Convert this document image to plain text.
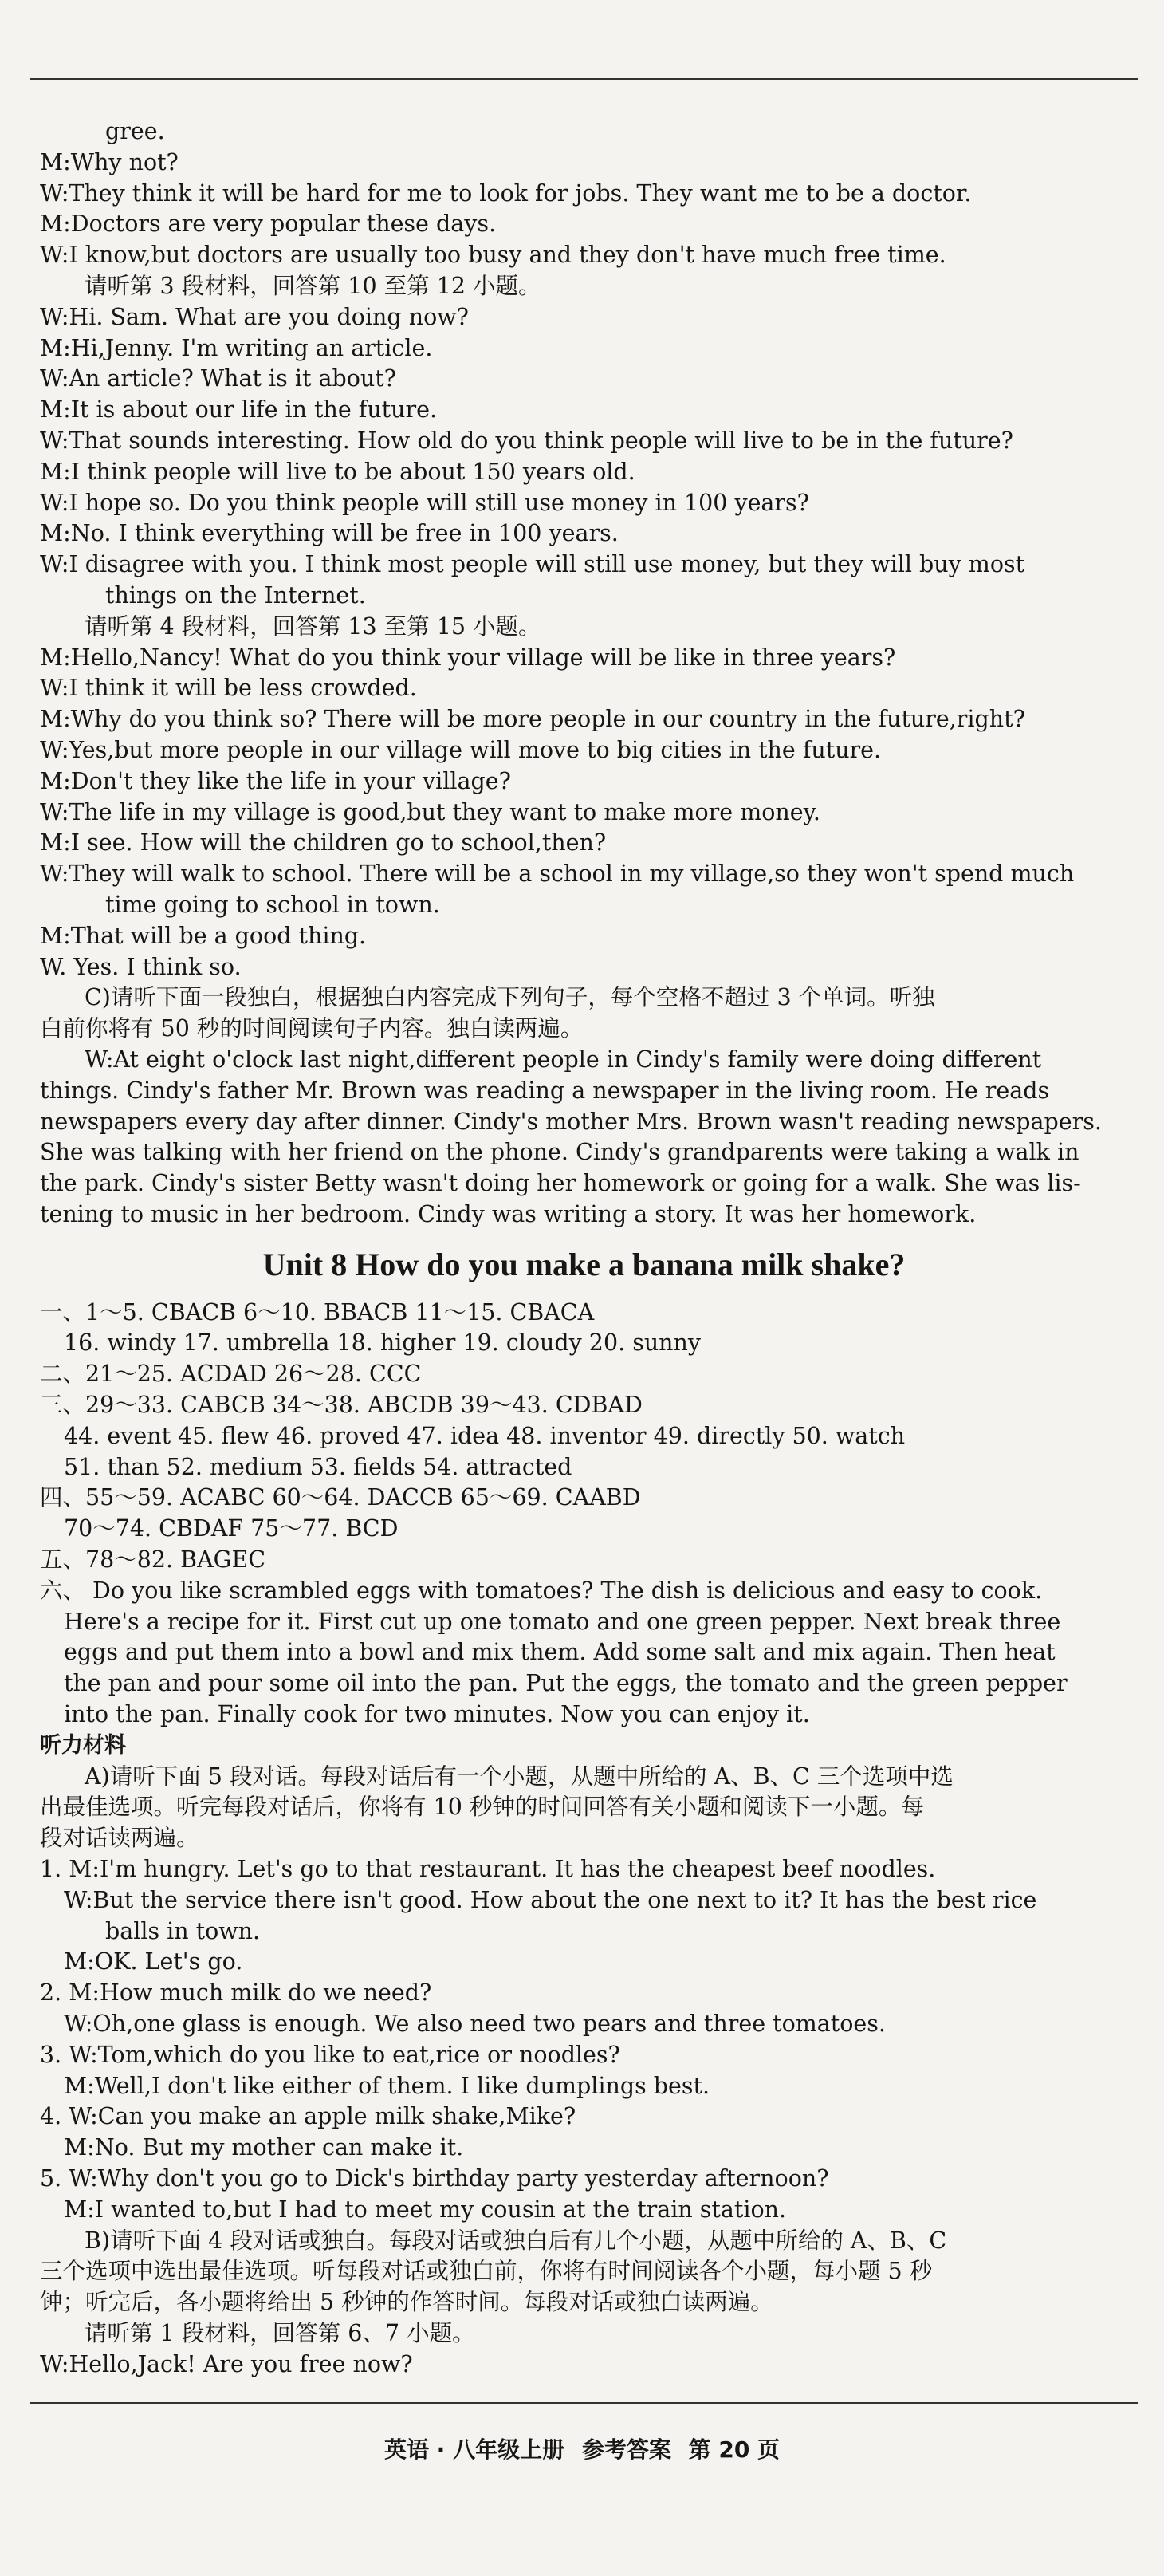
gree.
M:Why not?
W:They think it will be hard for me to look for jobs. They want me to be a doctor.
M:Doctors are very popular these days.
W:I know,but doctors are usually too busy and they don't have much free time.
请听第 3 段材料，回答第 10 至第 12 小题。
W:Hi. Sam. What are you doing now?
M:Hi,Jenny. I'm writing an article.
W:An article? What is it about?
M:It is about our life in the future.
W:That sounds interesting. How old do you think people will live to be in the future?
M:I think people will live to be about 150 years old.
W:I hope so. Do you think people will still use money in 100 years?
M:No. I think everything will be free in 100 years.
W:I disagree with you. I think most people will still use money, but they will buy most
things on the Internet.
请听第 4 段材料，回答第 13 至第 15 小题。
M:Hello,Nancy! What do you think your village will be like in three years?
W:I think it will be less crowded.
M:Why do you think so? There will be more people in our country in the future,right?
W:Yes,but more people in our village will move to big cities in the future.
M:Don't they like the life in your village?
W:The life in my village is good,but they want to make more money.
M:I see. How will the children go to school,then?
W:They will walk to school. There will be a school in my village,so they won't spend much
time going to school in town.
M:That will be a good thing.
W. Yes. I think so.
C)请听下面一段独白，根据独白内容完成下列句子，每个空格不超过 3 个单词。听独
白前你将有 50 秒的时间阅读句子内容。独白读两遍。
W:At eight o'clock last night,different people in Cindy's family were doing different
things. Cindy's father Mr. Brown was reading a newspaper in the living room. He reads
newspapers every day after dinner. Cindy's mother Mrs. Brown wasn't reading newspapers.
She was talking with her friend on the phone. Cindy's grandparents were taking a walk in
the park. Cindy's sister Betty wasn't doing her homework or going for a walk. She was lis-
tening to music in her bedroom. Cindy was writing a story. It was her homework.
Unit 8 How do you make a banana milk shake?
一、1～5. CBACB 6～10. BBACB 11～15. CBACA
16. windy 17. umbrella 18. higher 19. cloudy 20. sunny
二、21～25. ACDAD 26～28. CCC
三、29～33. CABCB 34～38. ABCDB 39～43. CDBAD
44. event 45. flew 46. proved 47. idea 48. inventor 49. directly 50. watch
51. than 52. medium 53. fields 54. attracted
四、55～59. ACABC 60～64. DACCB 65～69. CAABD
70～74. CBDAF 75～77. BCD
五、78～82. BAGEC
六、 Do you like scrambled eggs with tomatoes? The dish is delicious and easy to cook.
Here's a recipe for it. First cut up one tomato and one green pepper. Next break three
eggs and put them into a bowl and mix them. Add some salt and mix again. Then heat
the pan and pour some oil into the pan. Put the eggs, the tomato and the green pepper
into the pan. Finally cook for two minutes. Now you can enjoy it.
听力材料
A)请听下面 5 段对话。每段对话后有一个小题，从题中所给的 A、B、C 三个选项中选
出最佳选项。听完每段对话后，你将有 10 秒钟的时间回答有关小题和阅读下一小题。每
段对话读两遍。
1. M:I'm hungry. Let's go to that restaurant. It has the cheapest beef noodles.
W:But the service there isn't good. How about the one next to it? It has the best rice
balls in town.
M:OK. Let's go.
2. M:How much milk do we need?
W:Oh,one glass is enough. We also need two pears and three tomatoes.
3. W:Tom,which do you like to eat,rice or noodles?
M:Well,I don't like either of them. I like dumplings best.
4. W:Can you make an apple milk shake,Mike?
M:No. But my mother can make it.
5. W:Why don't you go to Dick's birthday party yesterday afternoon?
M:I wanted to,but I had to meet my cousin at the train station.
B)请听下面 4 段对话或独白。每段对话或独白后有几个小题，从题中所给的 A、B、C
三个选项中选出最佳选项。听每段对话或独白前，你将有时间阅读各个小题，每小题 5 秒
钟；听完后，各小题将给出 5 秒钟的作答时间。每段对话或独白读两遍。
请听第 1 段材料，回答第 6、7 小题。
W:Hello,Jack! Are you free now?
英语 · 八年级上册 参考答案 第 20 页
